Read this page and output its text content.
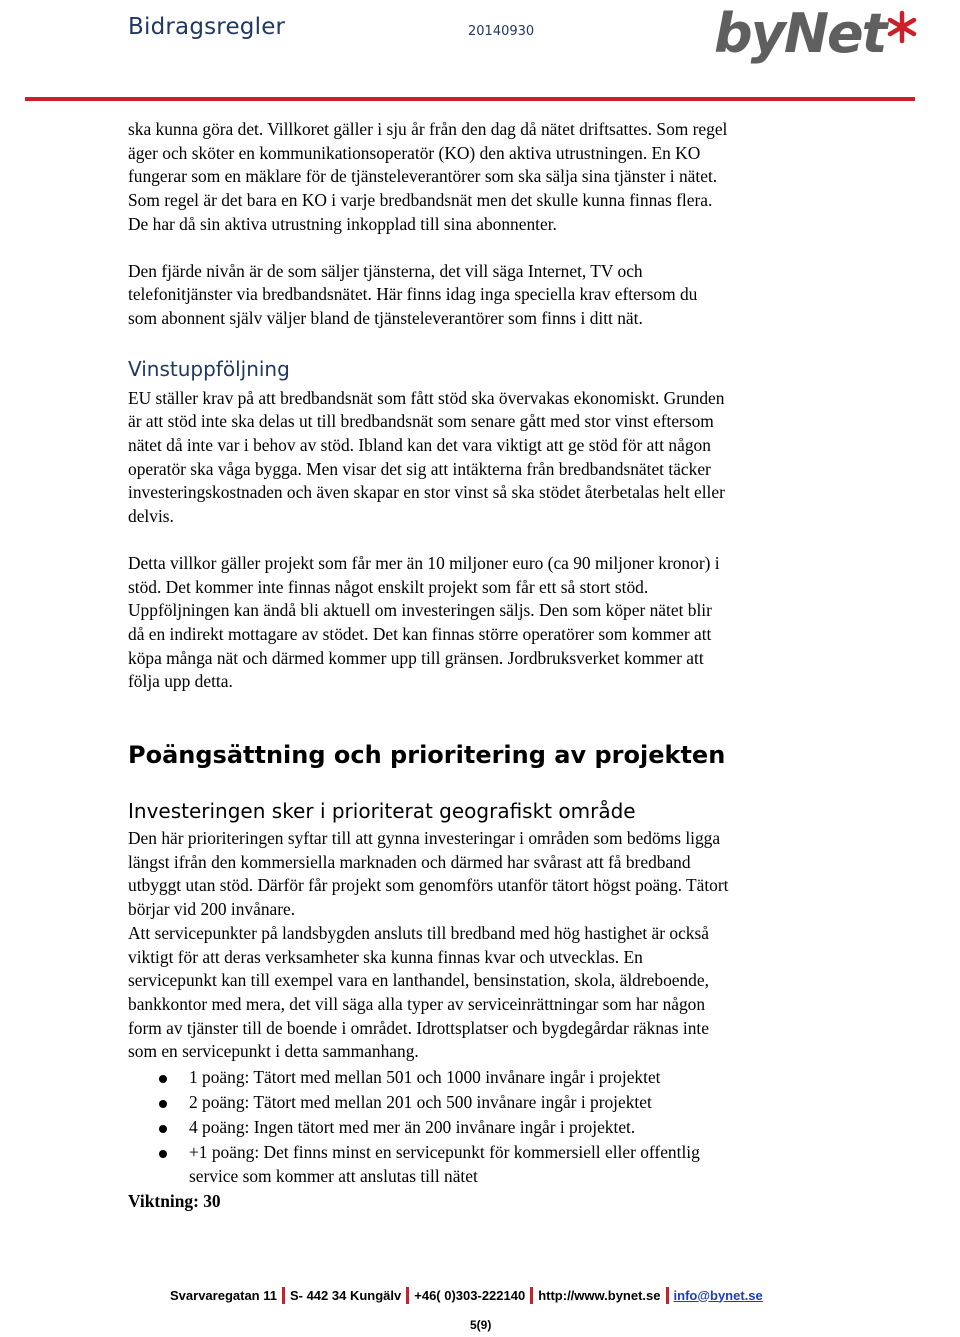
Bidragsregler	20140930	byNet

ska kunna göra det. Villkoret gäller i sju år från den dag då nätet driftsattes. Som regel
äger och sköter en kommunikationsoperatör (KO) den aktiva utrustningen. En KO
fungerar som en mäklare för de tjänsteleverantörer som ska sälja sina tjänster i nätet.
Som regel är det bara en KO i varje bredbandsnät men det skulle kunna finnas flera.
De har då sin aktiva utrustning inkopplad till sina abonnenter.

Den fjärde nivån är de som säljer tjänsterna, det vill säga Internet, TV och
telefonitjänster via bredbandsnätet. Här finns idag inga speciella krav eftersom du
som abonnent själv väljer bland de tjänsteleverantörer som finns i ditt nät.

Vinstuppföljning

EU ställer krav på att bredbandsnät som fått stöd ska övervakas ekonomiskt. Grunden
är att stöd inte ska delas ut till bredbandsnät som senare gått med stor vinst eftersom
nätet då inte var i behov av stöd. Ibland kan det vara viktigt att ge stöd för att någon
operatör ska våga bygga. Men visar det sig att intäkterna från bredbandsnätet täcker
investeringskostnaden och även skapar en stor vinst så ska stödet återbetalas helt eller
delvis.

Detta villkor gäller projekt som får mer än 10 miljoner euro (ca 90 miljoner kronor) i
stöd. Det kommer inte finnas något enskilt projekt som får ett så stort stöd.
Uppföljningen kan ändå bli aktuell om investeringen säljs. Den som köper nätet blir
då en indirekt mottagare av stödet. Det kan finnas större operatörer som kommer att
köpa många nät och därmed kommer upp till gränsen. Jordbruksverket kommer att
följa upp detta.

Poängsättning och prioritering av projekten
Investeringen sker i prioriterat geografiskt område

Den här prioriteringen syftar till att gynna investeringar i områden som bedöms ligga
längst ifrån den kommersiella marknaden och därmed har svårast att få bredband
utbyggt utan stöd. Därför får projekt som genomförs utanför tätort högst poäng. Tätort
börjar vid 200 invånare.

Att servicepunkter på landsbygden ansluts till bredband med hög hastighet är också
viktigt för att deras verksamheter ska kunna finnas kvar och utvecklas. En
servicepunkt kan till exempel vara en lanthandel, bensinstation, skola, äldreboende,
bankkontor med mera, det vill säga alla typer av serviceinrättningar som har någon
form av tjänster till de boende i området. Idrottsplatser och bygdegårdar räknas inte
som en servicepunkt i detta sammanhang.

1 poäng: Tätort med mellan 501 och 1000 invånare ingår i projektet
2 poäng: Tätort med mellan 201 och 500 invånare ingår i projektet
4 poäng: Ingen tätort med mer än 200 invånare ingår i projektet.
+1 poäng: Det finns minst en servicepunkt för kommersiell eller offentlig
service som kommer att anslutas till nätet
Viktning: 30
Svarvaregatan 11 S- 442 34 Kungälv +46( 0)303-222140 http://www.bynet.se info@bynet.se
5(9)
